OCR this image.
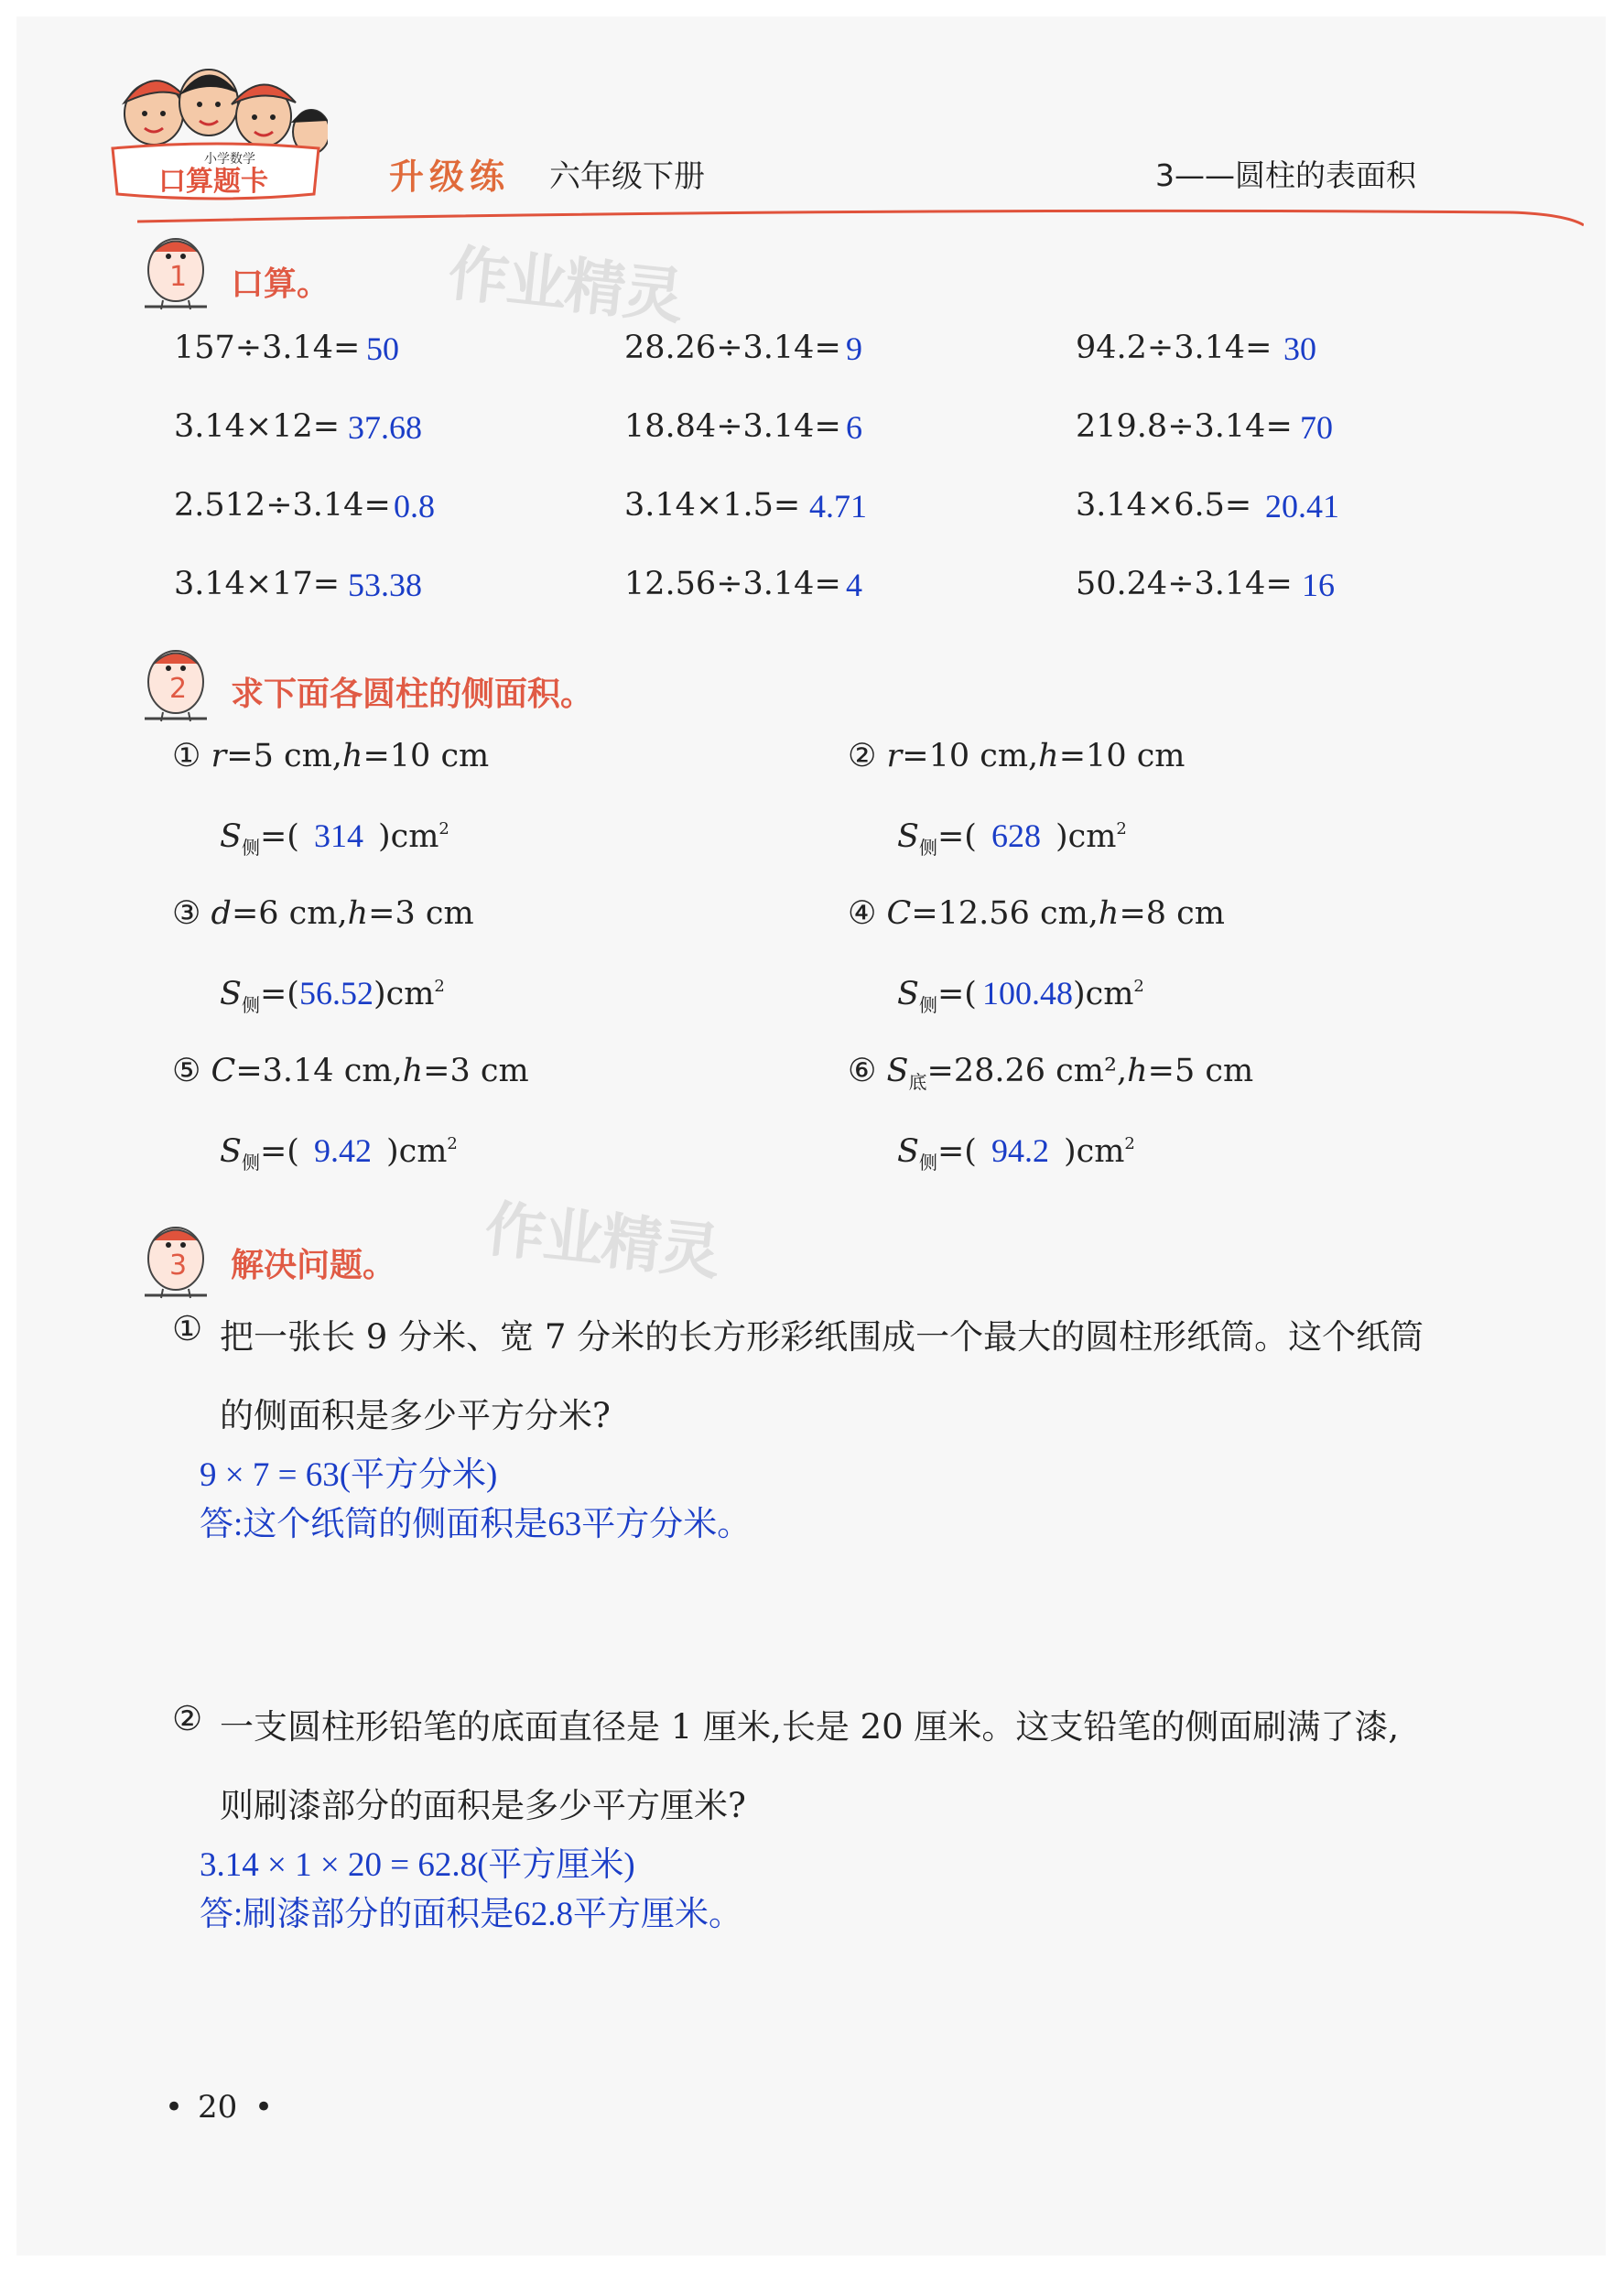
小学数学
口算题卡	升级练 六年级下册	3——圆柱的表面积
1 口算。 作业精灵
157÷3.14= 50	28.26÷3.14= 9	94.2÷3.14= 30
3.14×12= 37.68	18.84÷3.14= 6	219.8÷3.14= 70
2.512÷3.14= 0.8	3.14×1.5= 4.71	3.14×6.5= 20.41
3.14×17= 53.38	12.56÷3.14= 4	50.24÷3.14= 16
2 求下面各圆柱的侧面积。
① r=5 cm,h=10 cm
$S_侧=$( 314 )$cm^2$
② r=10 cm,h=10 cm
$S_侧=$( 628 )$cm^2$
③ d=6 cm,h=3 cm
$S_侧=(56.52)cm^2$
④ C=12.56 cm,h=8 cm
$S_侧=$( $100.48)cm^2$
⑤ C=3.14 cm,h=3 cm
$S_侧=$( 9.42 )$cm^2$
⑥ $S_底=28.26$ cm²,h=5 cm
$S_侧=$( 94.2 )$cm^2$
3 解决问题。 作业精灵
① 把一张长 9 分米、宽 7 分米的长方形彩纸围成一个最大的圆柱形纸筒。这个纸筒
的侧面积是多少平方分米?
9 × 7 = 63(平方分米)
答:这个纸筒的侧面积是63平方分米。
② 一支圆柱形铅笔的底面直径是 1 厘米,长是 20 厘米。这支铅笔的侧面刷满了漆,
则刷漆部分的面积是多少平方厘米?
3.14 × 1 × 20 = 62.8(平方厘米)
答:刷漆部分的面积是62.8平方厘米。
• 20 •
